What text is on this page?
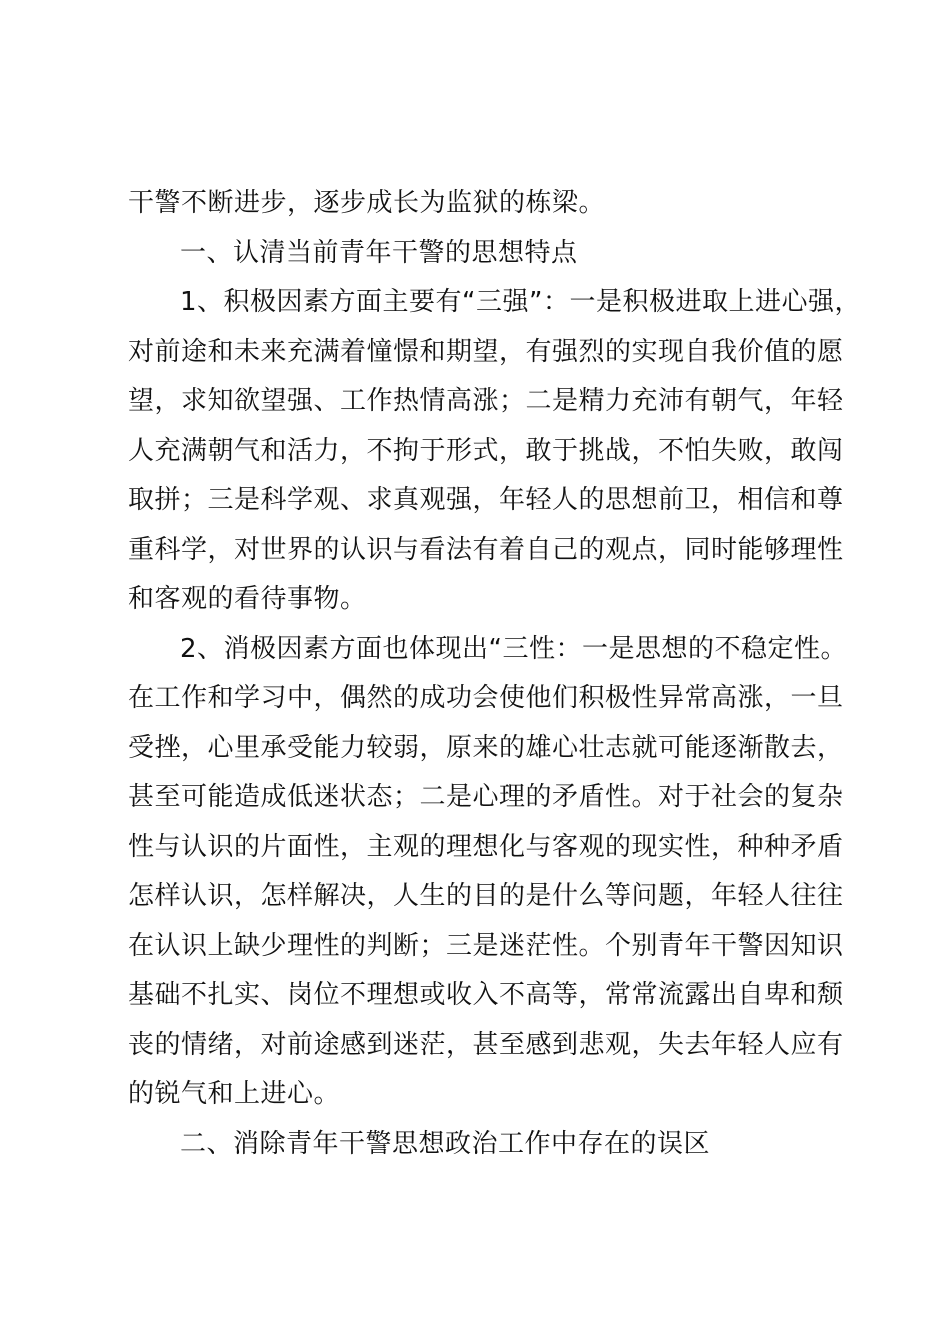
干警不断进步，逐步成长为监狱的栋梁。
一、认清当前青年干警的思想特点
1、积极因素方面主要有“三强”：一是积极进取上进心强，
对前途和未来充满着憧憬和期望，有强烈的实现自我价值的愿
望，求知欲望强、工作热情高涨；二是精力充沛有朝气，年轻
人充满朝气和活力，不拘于形式，敢于挑战，不怕失败，敢闯
取拼；三是科学观、求真观强，年轻人的思想前卫，相信和尊
重科学，对世界的认识与看法有着自己的观点，同时能够理性
和客观的看待事物。
2、消极因素方面也体现出“三性：一是思想的不稳定性。
在工作和学习中，偶然的成功会使他们积极性异常高涨，一旦
受挫，心里承受能力较弱，原来的雄心壮志就可能逐渐散去，
甚至可能造成低迷状态；二是心理的矛盾性。对于社会的复杂
性与认识的片面性，主观的理想化与客观的现实性，种种矛盾
怎样认识，怎样解决，人生的目的是什么等问题，年轻人往往
在认识上缺少理性的判断；三是迷茫性。个别青年干警因知识
基础不扎实、岗位不理想或收入不高等，常常流露出自卑和颓
丧的情绪，对前途感到迷茫，甚至感到悲观，失去年轻人应有
的锐气和上进心。
二、消除青年干警思想政治工作中存在的误区
